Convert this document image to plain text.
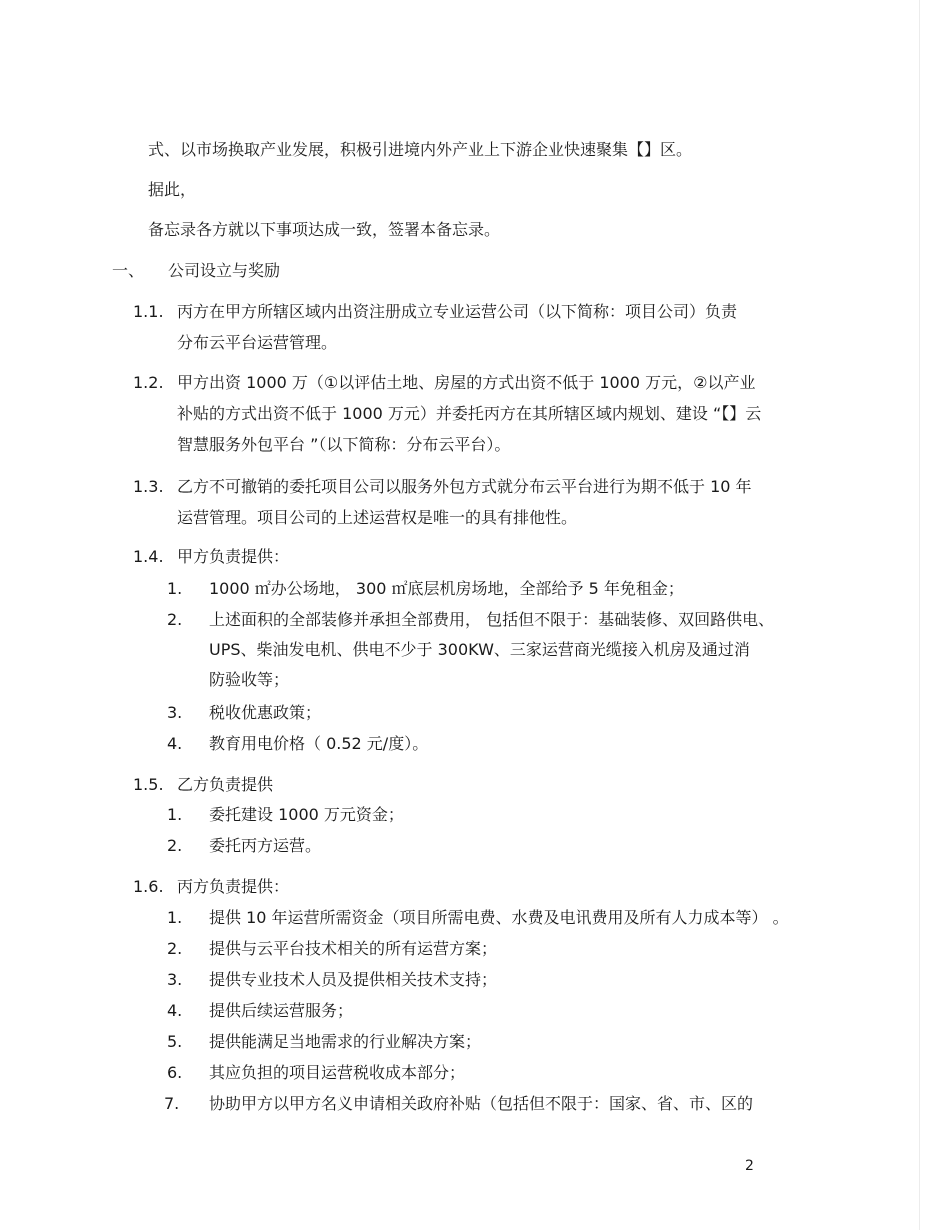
式、以市场换取产业发展，积极引进境内外产业上下游企业快速聚集【】区。
据此，
备忘录各方就以下事项达成一致，签署本备忘录。
一、 公司设立与奖励
1.1. 丙方在甲方所辖区域内出资注册成立专业运营公司（以下简称：项目公司）负责
分布云平台运营管理。
1.2. 甲方出资 1000 万（①以评估土地、房屋的方式出资不低于 1000 万元，②以产业
补贴的方式出资不低于 1000 万元）并委托丙方在其所辖区域内规划、建设 “【】云
智慧服务外包平台 ”（以下简称：分布云平台）。
1.3. 乙方不可撤销的委托项目公司以服务外包方式就分布云平台进行为期不低于 10 年
运营管理。项目公司的上述运营权是唯一的具有排他性。
1.4. 甲方负责提供：
1. 1000 ㎡办公场地， 300 ㎡底层机房场地，全部给予 5 年免租金；
2. 上述面积的全部装修并承担全部费用， 包括但不限于：基础装修、双回路供电、
UPS、柴油发电机、供电不少于 300KW、三家运营商光缆接入机房及通过消
防验收等；
3. 税收优惠政策；
4. 教育用电价格（ 0.52 元/度）。
1.5. 乙方负责提供
1. 委托建设 1000 万元资金；
2. 委托丙方运营。
1.6. 丙方负责提供：
1. 提供 10 年运营所需资金（项目所需电费、水费及电讯费用及所有人力成本等） 。
2. 提供与云平台技术相关的所有运营方案；
3. 提供专业技术人员及提供相关技术支持；
4. 提供后续运营服务；
5. 提供能满足当地需求的行业解决方案；
6. 其应负担的项目运营税收成本部分；
7. 协助甲方以甲方名义申请相关政府补贴（包括但不限于：国家、省、市、区的
2
